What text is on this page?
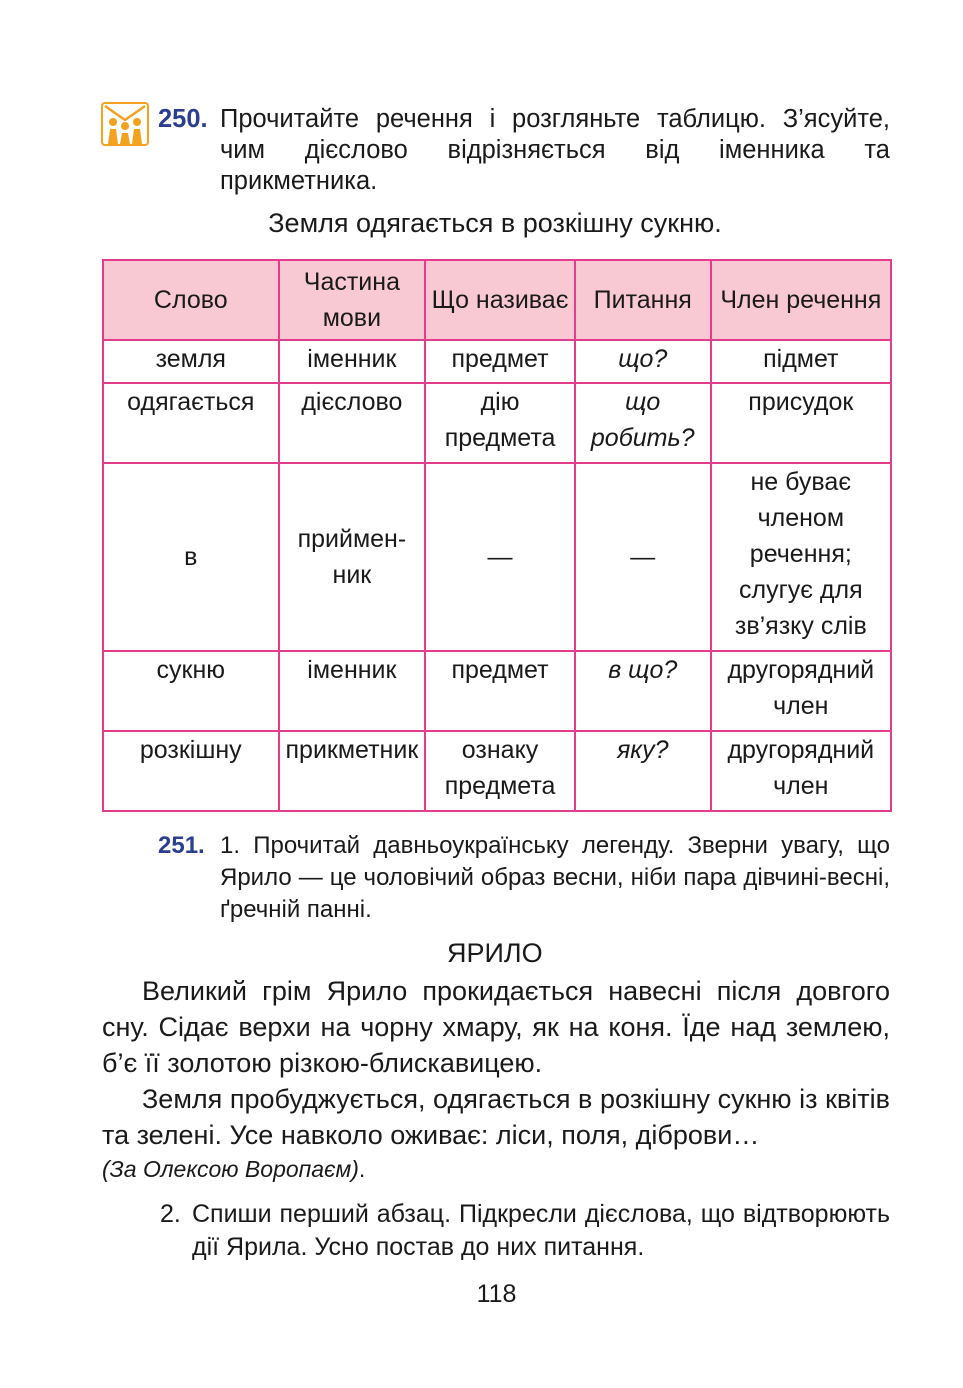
250. Прочитайте речення і розгляньте таблицю. З’ясуйте, чим дієслово відрізняється від іменника та прикметника.
Земля одягається в розкішну сукню.
Слово	Частина мови	Що називає	Питання	Член речення
земля	іменник	предмет	що?	підмет
одягається	дієслово	дію предмета	що робить?	присудок
в	прийменник	—	—	не буває членом речення; слугує для зв’язку слів
сукню	іменник	предмет	в що?	другорядний член
розкішну	прикметник	ознаку предмета	яку?	другорядний член
251. 1. Прочитай давньоукраїнську легенду. Зверни увагу, що Ярило — це чоловічий образ весни, ніби пара дівчині-весні, ґречній панні.
ЯРИЛО
Великий грім Ярило прокидається навесні після довгого сну. Сідає верхи на чорну хмару, як на коня. Їде над землею, б’є її золотою різкою-блискавицею.
Земля пробуджується, одягається в розкішну сукню із квітів та зелені. Усе навколо оживає: ліси, поля, діброви…
(За Олексою Воропаєм).
2. Спиши перший абзац. Підкресли дієслова, що відтворюють дії Ярила. Усно постав до них питання.
118
